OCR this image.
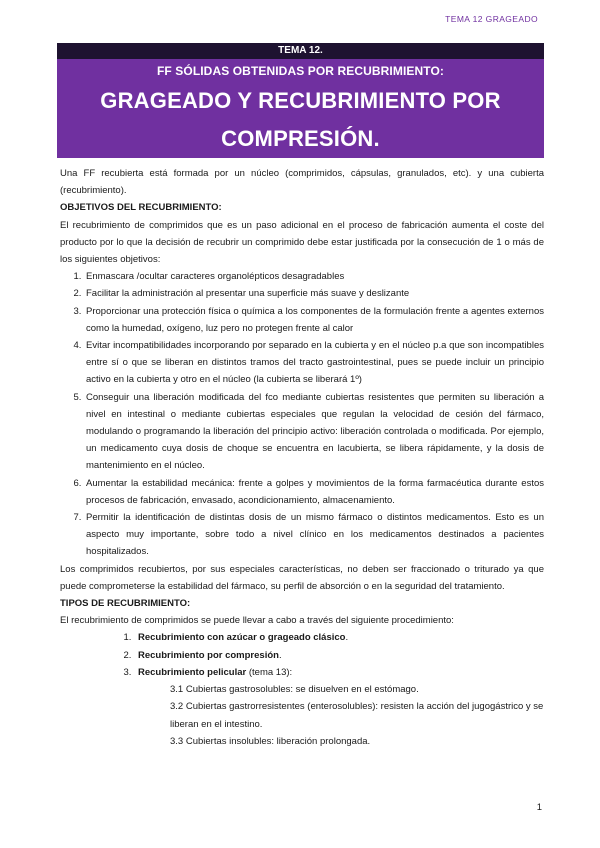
TEMA 12 GRAGEADO
TEMA 12.
FF SÓLIDAS OBTENIDAS POR RECUBRIMIENTO:
GRAGEADO Y RECUBRIMIENTO POR
COMPRESIÓN.

Una FF recubierta está formada por un núcleo (comprimidos, cápsulas, granulados, etc). y una cubierta (recubrimiento).

OBJETIVOS DEL RECUBRIMIENTO:

El recubrimiento de comprimidos que es un paso adicional en el proceso de fabricación aumenta el coste del producto por lo que la decisión de recubrir un comprimido debe estar justificada por la consecución de 1 o más de los siguientes objetivos:

1. Enmascara /ocultar caracteres organolépticos desagradables
2. Facilitar la administración al presentar una superficie más suave y deslizante
3. Proporcionar una protección física o química a los componentes de la formulación frente a agentes externos como la humedad, oxígeno, luz pero no protegen frente al calor
4. Evitar incompatibilidades incorporando por separado en la cubierta y en el núcleo p.a que son incompatibles entre sí o que se liberan en distintos tramos del tracto gastrointestinal, pues se puede incluir un principio activo en la cubierta y otro en el núcleo (la cubierta se liberará 1º)
5. Conseguir una liberación modificada del fco mediante cubiertas resistentes que permiten su liberación a nivel en intestinal o mediante cubiertas especiales que regulan la velocidad de cesión del fármaco, modulando o programando la liberación del principio activo: liberación controlada o modificada. Por ejemplo, un medicamento cuya dosis de choque se encuentra en lacubierta, se libera rápidamente, y la dosis de mantenimiento en el núcleo.
6. Aumentar la estabilidad mecánica: frente a golpes y movimientos de la forma farmacéutica durante estos procesos de fabricación, envasado, acondicionamiento, almacenamiento.
7. Permitir la identificación de distintas dosis de un mismo fármaco o distintos medicamentos. Esto es un aspecto muy importante, sobre todo a nivel clínico en los medicamentos destinados a pacientes hospitalizados.

Los comprimidos recubiertos, por sus especiales características, no deben ser fraccionado o triturado ya que puede comprometerse la estabilidad del fármaco, su perfil de absorción o en la seguridad del tratamiento.

TIPOS DE RECUBRIMIENTO:

El recubrimiento de comprimidos se puede llevar a cabo a través del siguiente procedimiento:

1. Recubrimiento con azúcar o grageado clásico.
2. Recubrimiento por compresión.
3. Recubrimiento pelicular (tema 13):

3.1 Cubiertas gastrosolubles: se disuelven en el estómago.

3.2 Cubiertas gastrorresistentes (enterosolubles): resisten la acción del jugogástrico y se liberan en el intestino.

3.3 Cubiertas insolubles: liberación prolongada.

1
